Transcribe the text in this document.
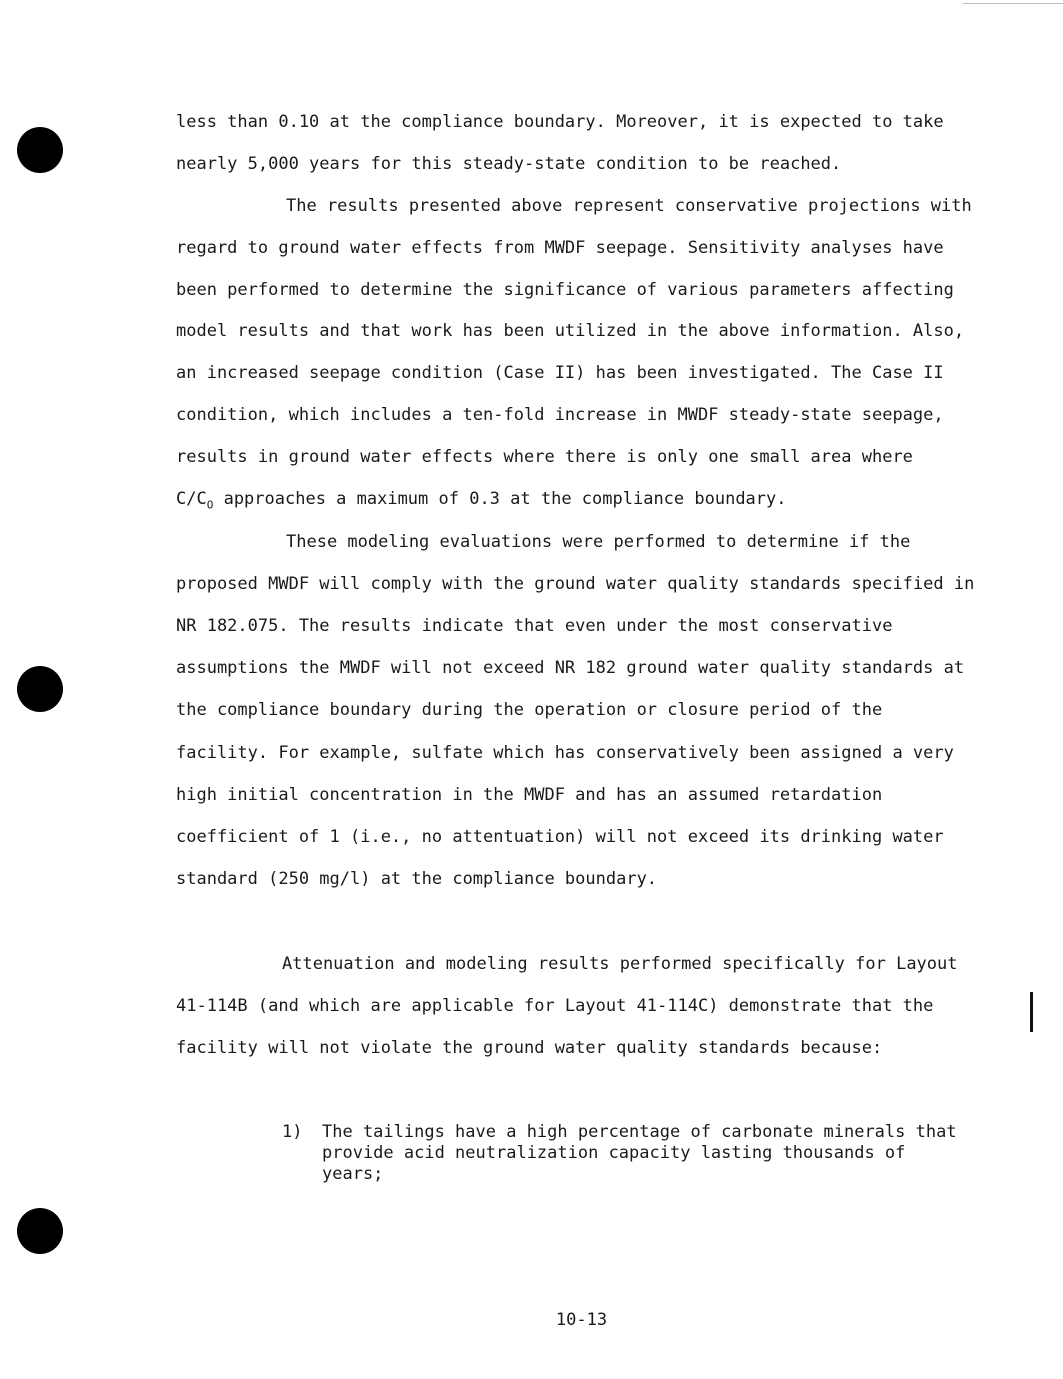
less than 0.10 at the compliance boundary. Moreover, it is expected to take
nearly 5,000 years for this steady-state condition to be reached.
The results presented above represent conservative projections with
regard to ground water effects from MWDF seepage. Sensitivity analyses have
been performed to determine the significance of various parameters affecting
model results and that work has been utilized in the above information. Also,
an increased seepage condition (Case II) has been investigated. The Case II
condition, which includes a ten-fold increase in MWDF steady-state seepage,
results in ground water effects where there is only one small area where
$C/C_O$ approaches a maximum of 0.3 at the compliance boundary.
These modeling evaluations were performed to determine if the
proposed MWDF will comply with the ground water quality standards specified in
NR 182.075. The results indicate that even under the most conservative
assumptions the MWDF will not exceed NR 182 ground water quality standards at
the compliance boundary during the operation or closure period of the
facility. For example, sulfate which has conservatively been assigned a very
high initial concentration in the MWDF and has an assumed retardation
coefficient of 1 (i.e., no attentuation) will not exceed its drinking water
standard (250 mg/l) at the compliance boundary.
Attenuation and modeling results performed specifically for Layout
41-114B (and which are applicable for Layout 41-114C) demonstrate that the
facility will not violate the ground water quality standards because:
1) The tailings have a high percentage of carbonate minerals that
provide acid neutralization capacity lasting thousands of
years;
10-13
